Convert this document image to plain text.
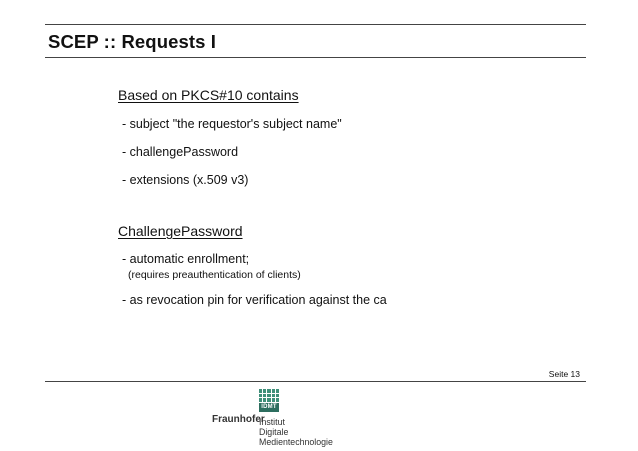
SCEP :: Requests I
Based on PKCS#10 contains
- subject "the requestor's subject name"
- challengePassword
- extensions (x.509 v3)
ChallengePassword
- automatic enrollment;
(requires preauthentication of clients)
- as revocation pin for verification against the ca
Seite 13
IDMT
Fraunhofer
Institut
Digitale
Medientechnologie
